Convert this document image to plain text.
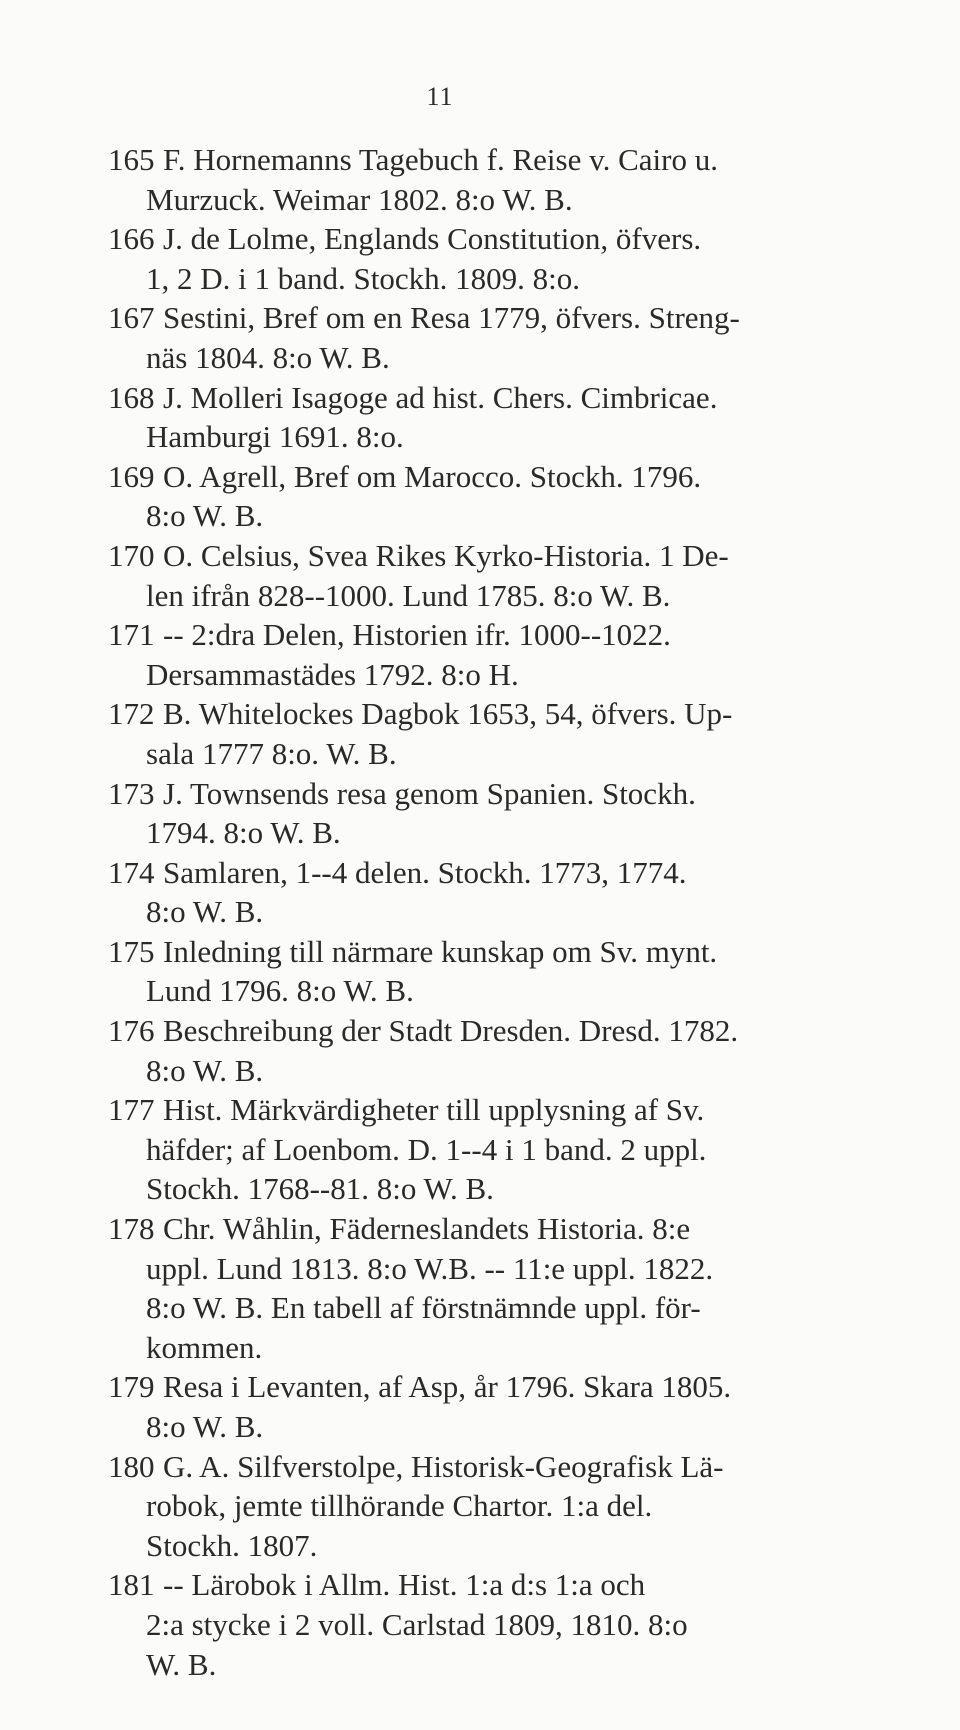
11
165 F. Hornemanns Tagebuch f. Reise v. Cairo u.
Murzuck. Weimar 1802. 8:o W. B.
166 J. de Lolme, Englands Constitution, öfvers.
1, 2 D. i 1 band. Stockh. 1809. 8:o.
167 Sestini, Bref om en Resa 1779, öfvers. Streng-
näs 1804. 8:o W. B.
168 J. Molleri Isagoge ad hist. Chers. Cimbricae.
Hamburgi 1691. 8:o.
169 O. Agrell, Bref om Marocco. Stockh. 1796.
8:o W. B.
170 O. Celsius, Svea Rikes Kyrko-Historia. 1 De-
len ifrån 828--1000. Lund 1785. 8:o W. B.
171 -- 2:dra Delen, Historien ifr. 1000--1022.
Dersammastädes 1792. 8:o H.
172 B. Whitelockes Dagbok 1653, 54, öfvers. Up-
sala 1777 8:o. W. B.
173 J. Townsends resa genom Spanien. Stockh.
1794. 8:o W. B.
174 Samlaren, 1--4 delen. Stockh. 1773, 1774.
8:o W. B.
175 Inledning till närmare kunskap om Sv. mynt.
Lund 1796. 8:o W. B.
176 Beschreibung der Stadt Dresden. Dresd. 1782.
8:o W. B.
177 Hist. Märkvärdigheter till upplysning af Sv.
häfder; af Loenbom. D. 1--4 i 1 band. 2 uppl.
Stockh. 1768--81. 8:o W. B.
178 Chr. Wåhlin, Fäderneslandets Historia. 8:e
uppl. Lund 1813. 8:o W.B. -- 11:e uppl. 1822.
8:o W. B. En tabell af förstnämnde uppl. för-
kommen.
179 Resa i Levanten, af Asp, år 1796. Skara 1805.
8:o W. B.
180 G. A. Silfverstolpe, Historisk-Geografisk Lä-
robok, jemte tillhörande Chartor. 1:a del.
Stockh. 1807.
181 -- Lärobok i Allm. Hist. 1:a d:s 1:a och
2:a stycke i 2 voll. Carlstad 1809, 1810. 8:o
W. B.
